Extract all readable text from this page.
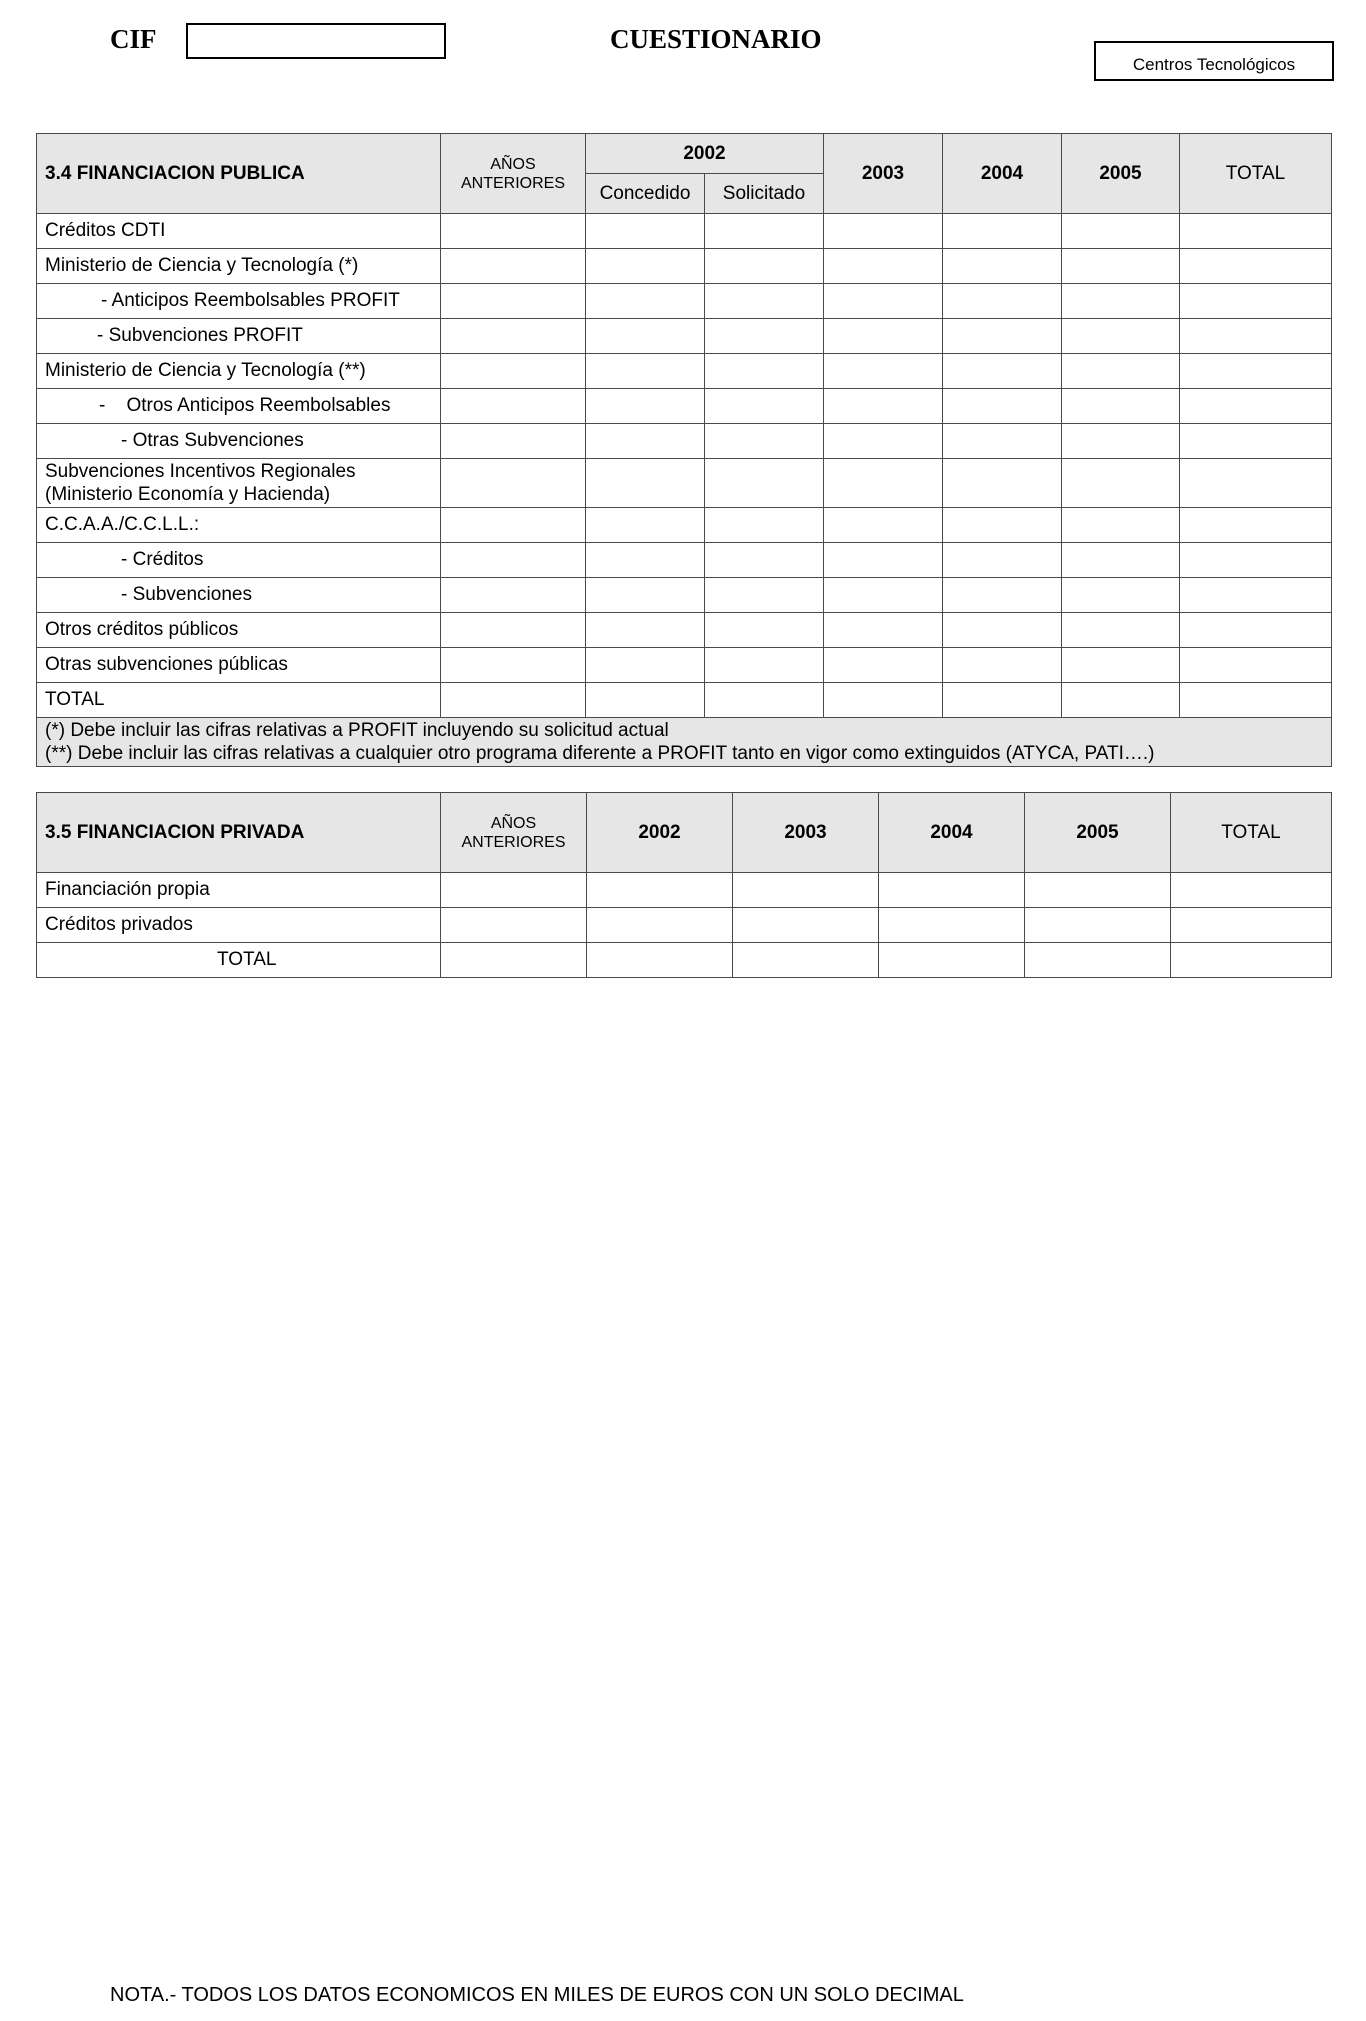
CIF	CUESTIONARIO
Centros Tecnológicos
3.4 FINANCIACION PUBLICA	AÑOS ANTERIORES	2002		2003	2004	2005	TOTAL
		Concedido	Solicitado				
Créditos CDTI							
Ministerio de Ciencia y Tecnología (*)							
- Anticipos Reembolsables PROFIT							
- Subvenciones PROFIT							
Ministerio de Ciencia y Tecnología (**)							
-    Otros Anticipos Reembolsables							
- Otras Subvenciones							
Subvenciones Incentivos Regionales (Ministerio Economía y Hacienda)							
C.C.A.A./C.C.L.L.:							
- Créditos							
- Subvenciones							
Otros créditos públicos							
Otras subvenciones públicas							
TOTAL							

(*) Debe incluir las cifras relativas a PROFIT incluyendo su solicitud actual
(**) Debe incluir las cifras relativas a cualquier otro programa diferente a PROFIT tanto en vigor como extinguidos (ATYCA, PATI….)							
3.5 FINANCIACION PRIVADA	AÑOS ANTERIORES	2002	2003	2004	2005	TOTAL
Financiación propia						
Créditos privados						
TOTAL						
NOTA.- TODOS LOS DATOS ECONOMICOS EN MILES DE EUROS CON UN SOLO DECIMAL
